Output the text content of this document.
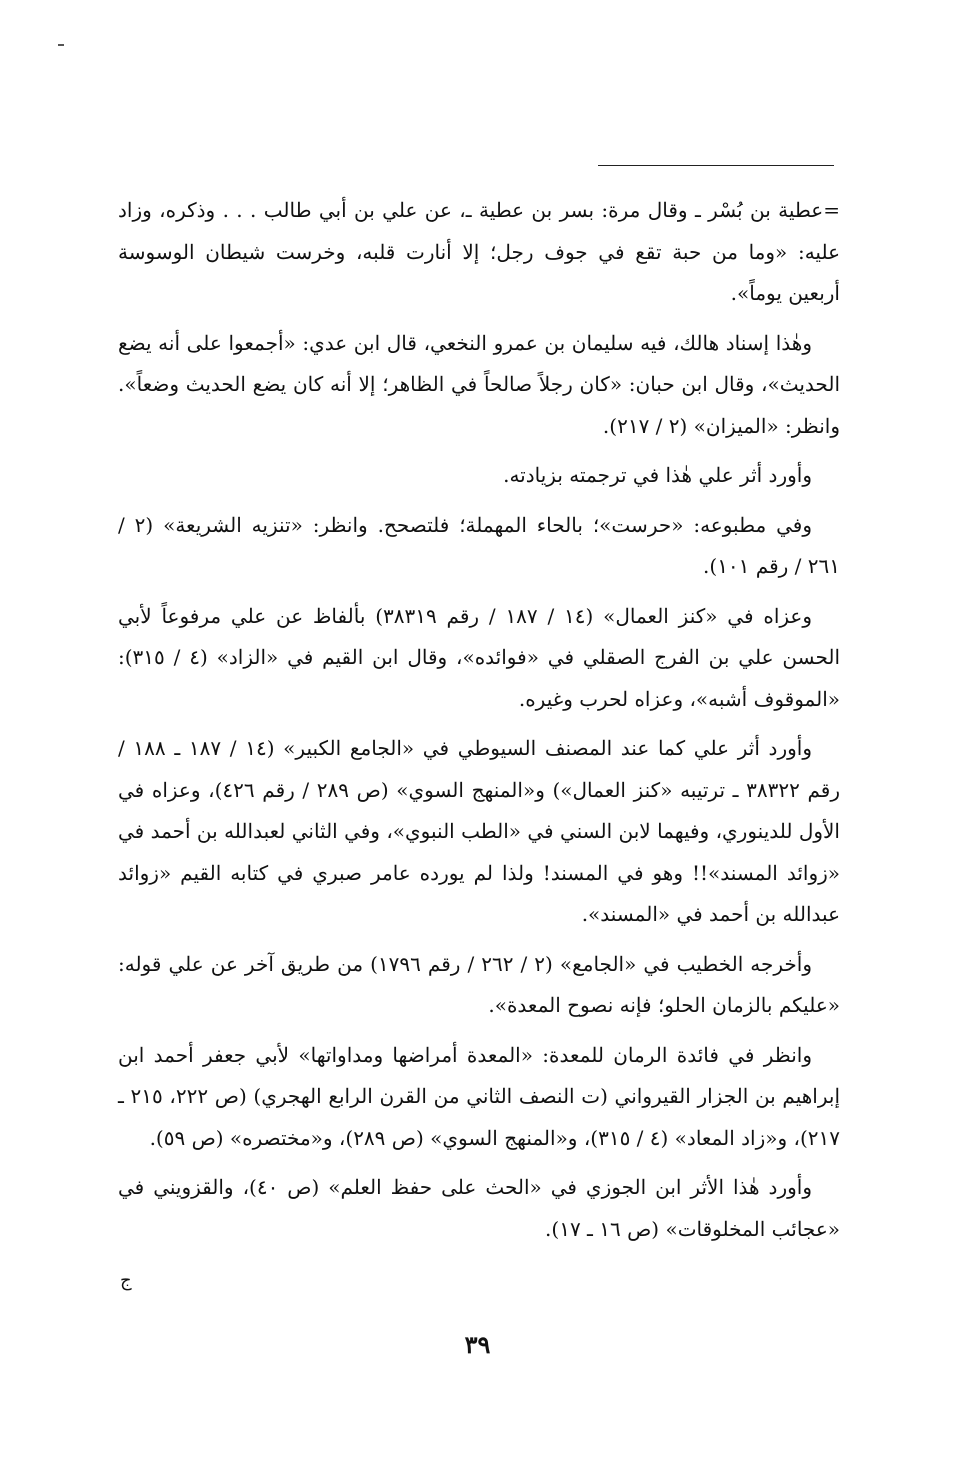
=عطية بن بُسْر ـ وقال مرة: بسر بن عطية ـ، عن علي بن أبي طالب . . . وذكره، وزاد عليه: «وما من حبة تقع في جوف رجل؛ إلا أنارت قلبه، وخرست شيطان الوسوسة أربعين يوماً».

وهٰذا إسناد هالك، فيه سليمان بن عمرو النخعي، قال ابن عدي: «أجمعوا على أنه يضع الحديث»، وقال ابن حبان: «كان رجلاً صالحاً في الظاهر؛ إلا أنه كان يضع الحديث وضعاً». وانظر: «الميزان» (٢ / ٢١٧).

وأورد أثر علي هٰذا في ترجمته بزيادته.

وفي مطبوعه: «حرست»؛ بالحاء المهملة؛ فلتصحح. وانظر: «تنزيه الشريعة» (٢ / ٢٦١ / رقم ١٠١).

وعزاه في «كنز العمال» (١٤ / ١٨٧ / رقم ٣٨٣١٩) بألفاظ عن علي مرفوعاً لأبي الحسن علي بن الفرج الصقلي في «فوائده»، وقال ابن القيم في «الزاد» (٤ / ٣١٥): «الموقوف أشبه»، وعزاه لحرب وغيره.

وأورد أثر علي كما عند المصنف السيوطي في «الجامع الكبير» (١٤ / ١٨٧ ـ ١٨٨ / رقم ٣٨٣٢٢ ـ ترتيبه «كنز العمال») و«المنهج السوي» (ص ٢٨٩ / رقم ٤٢٦)، وعزاه في الأول للدينوري، وفيهما لابن السني في «الطب النبوي»، وفي الثاني لعبدالله بن أحمد في «زوائد المسند»!! وهو في المسند! ولذا لم يورده عامر صبري في كتابه القيم «زوائد عبدالله بن أحمد في «المسند».

وأخرجه الخطيب في «الجامع» (٢ / ٢٦٢ / رقم ١٧٩٦) من طريق آخر عن علي قوله: «عليكم بالزمان الحلو؛ فإنه نصوح المعدة».

وانظر في فائدة الرمان للمعدة: «المعدة أمراضها ومداواتها» لأبي جعفر أحمد ابن إبراهيم بن الجزار القيرواني (ت النصف الثاني من القرن الرابع الهجري) (ص ٢٢٢، ٢١٥ ـ ٢١٧)، و«زاد المعاد» (٤ / ٣١٥)، و«المنهج السوي» (ص ٢٨٩)، و«مختصره» (ص ٥٩).

وأورد هٰذا الأثر ابن الجوزي في «الحث على حفظ العلم» (ص ٤٠)، والقزويني في «عجائب المخلوقات» (ص ١٦ ـ ١٧).

ج
٣٩
